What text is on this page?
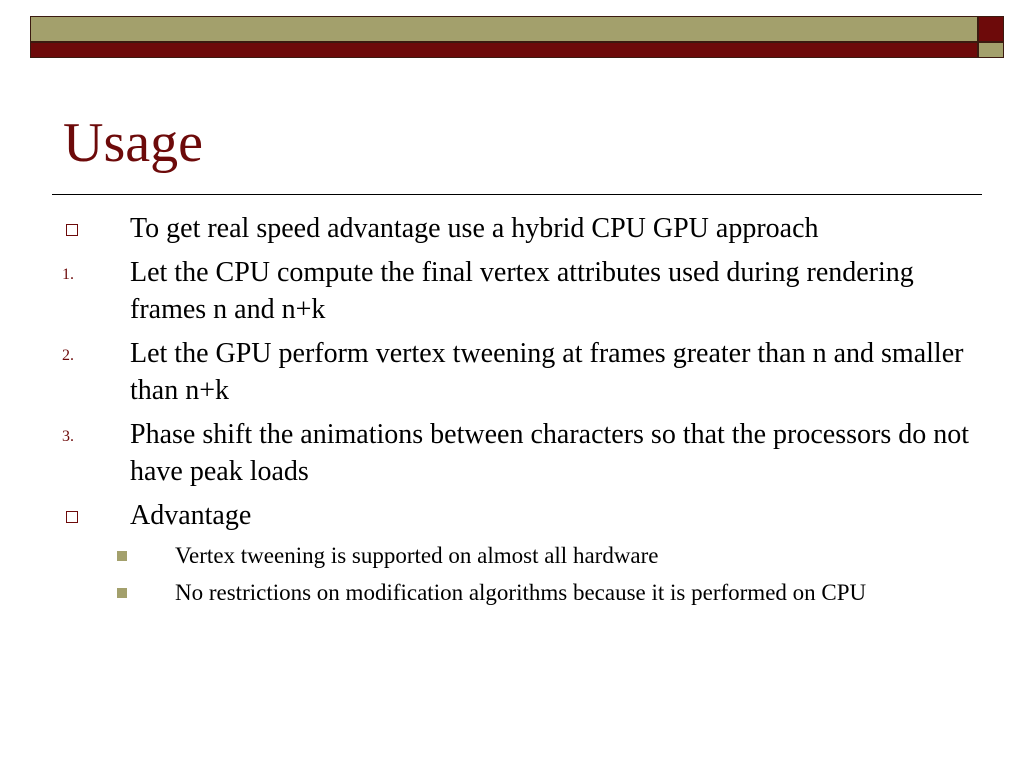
Usage
To get real speed advantage use a hybrid CPU GPU approach
1. Let the CPU compute the final vertex attributes used during rendering frames n and n+k
2. Let the GPU perform vertex tweening at frames greater than n and smaller than n+k
3. Phase shift the animations between characters so that the processors do not have peak loads
Advantage
Vertex tweening is supported on almost all hardware
No restrictions on modification algorithms because it is performed on CPU
